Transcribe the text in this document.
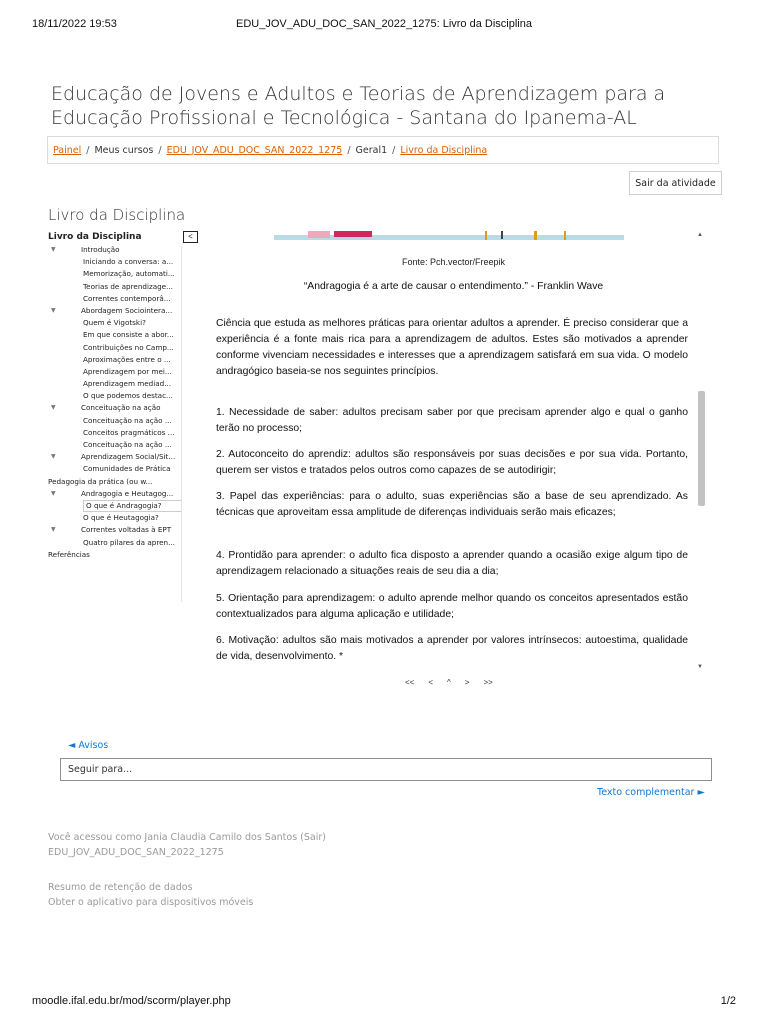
18/11/2022 19:53	EDU_JOV_ADU_DOC_SAN_2022_1275: Livro da Disciplina
Educação de Jovens e Adultos e Teorias de Aprendizagem para a Educação Profissional e Tecnológica - Santana do Ipanema-AL
Painel / Meus cursos / EDU_JOV_ADU_DOC_SAN_2022_1275 / Geral1 / Livro da Disciplina
Sair da atividade
Livro da Disciplina
Livro da Disciplina
▼	Introdução
Iniciando a conversa: a...
Memorização, automati...
Teorias de aprendizage...
Correntes contemporâ...
▼	Abordagem Sociointera...
Quem é Vigotski?
Em que consiste a abor...
Contribuições no Camp...
Aproximações entre o ...
Aprendizagem por mei...
Aprendizagem mediad...
O que podemos destac...
▼	Conceituação na ação
Conceituação na ação ...
Conceitos pragmáticos ...
Conceituação na ação ...
▼	Aprendizagem Social/Sit...
Comunidades de Prática
Pedagogia da prática (ou w...
▼	Andragogia e Heutagog...
O que é Andragogia?
O que é Heutagogia?
▼	Correntes voltadas à EPT
Quatro pilares da apren...
Referências
<
Fonte: Pch.vector/Freepik
“Andragogia é a arte de causar o entendimento.” - Franklin Wave

Ciência que estuda as melhores práticas para orientar adultos a aprender. É preciso considerar que a experiência é a fonte mais rica para a aprendizagem de adultos. Estes são motivados a aprender conforme vivenciam necessidades e interesses que a aprendizagem satisfará em sua vida. O modelo andragógico baseia-se nos seguintes princípios.

1. Necessidade de saber: adultos precisam saber por que precisam aprender algo e qual o ganho terão no processo;

2. Autoconceito do aprendiz: adultos são responsáveis por suas decisões e por sua vida. Portanto, querem ser vistos e tratados pelos outros como capazes de se autodirigir;

3. Papel das experiências: para o adulto, suas experiências são a base de seu aprendizado. As técnicas que aproveitam essa amplitude de diferenças individuais serão mais eficazes;

4. Prontidão para aprender: o adulto fica disposto a aprender quando a ocasião exige algum tipo de aprendizagem relacionado a situações reais de seu dia a dia;

5. Orientação para aprendizagem: o adulto aprende melhor quando os conceitos apresentados estão contextualizados para alguma aplicação e utilidade;

6. Motivação: adultos são mais motivados a aprender por valores intrínsecos: autoestima, qualidade de vida, desenvolvimento. *

▲
▼
<< < ^ > >>
◄ Avisos
Seguir para...
Texto complementar ►
Você acessou como Jania Claudia Camilo dos Santos (Sair)
EDU_JOV_ADU_DOC_SAN_2022_1275
Resumo de retenção de dados
Obter o aplicativo para dispositivos móveis
moodle.ifal.edu.br/mod/scorm/player.php	1/2
